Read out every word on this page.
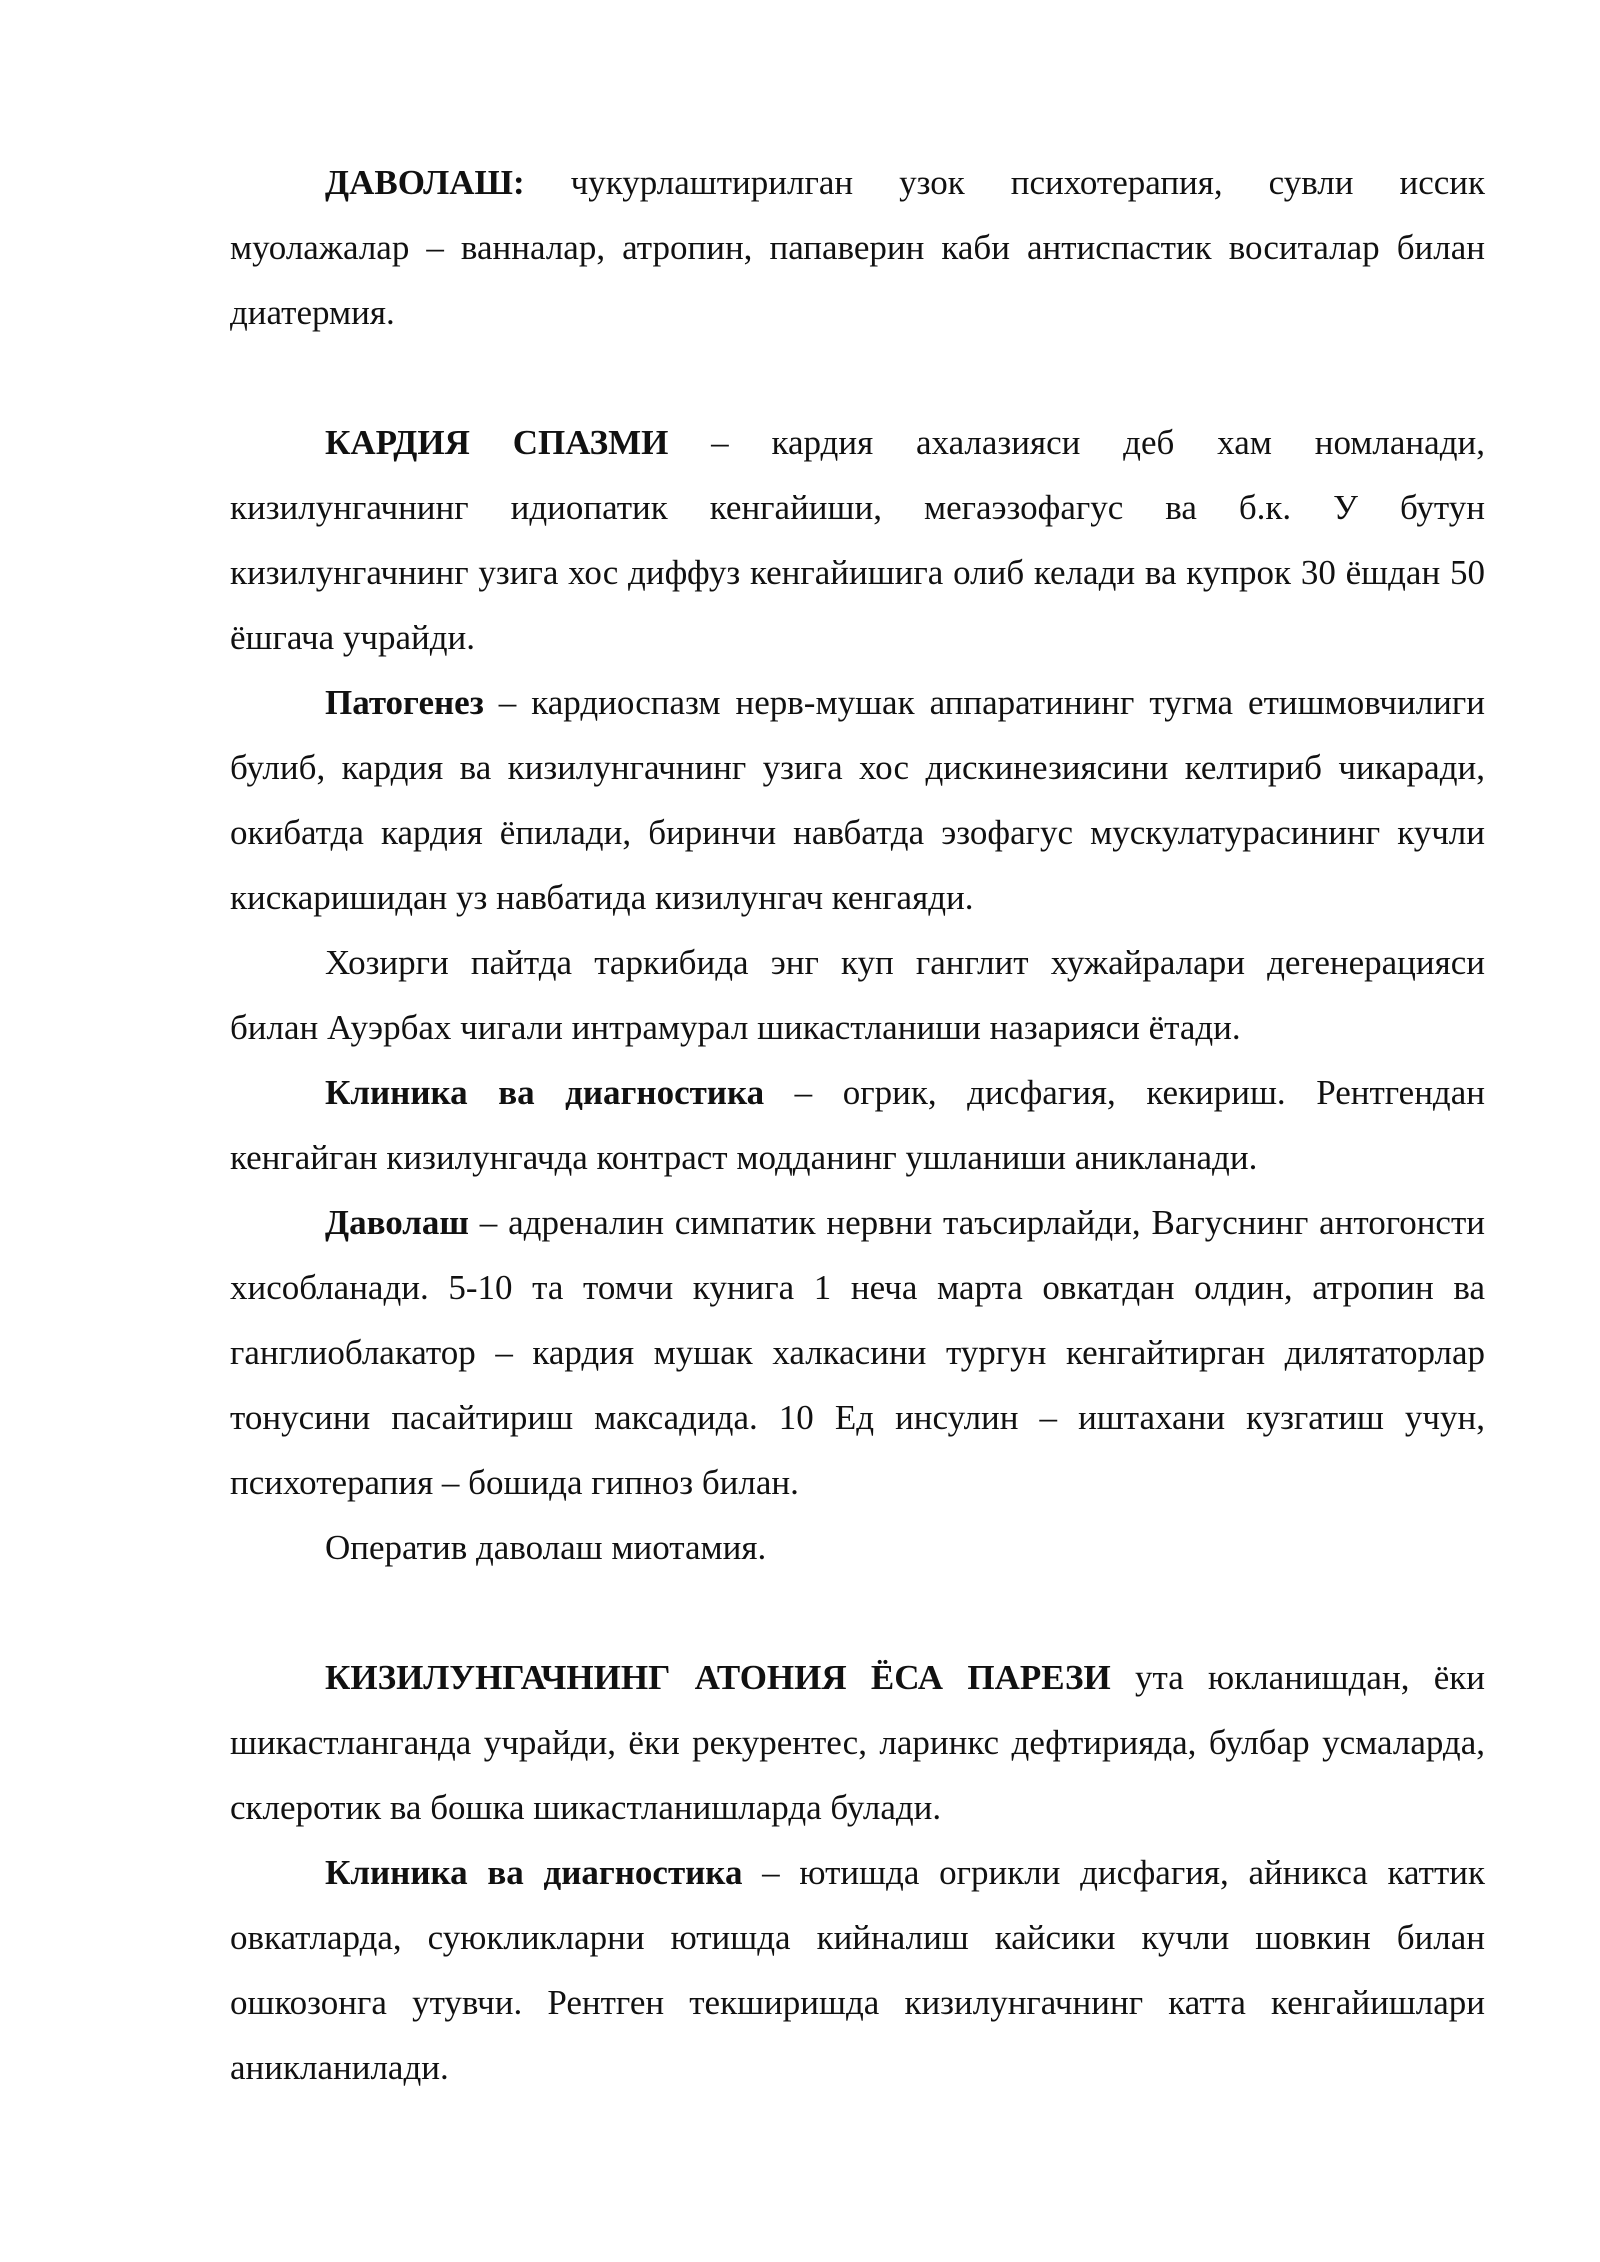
ДАВОЛАШ: чукурлаштирилган узок психотерапия, сувли иссик муолажалар – ванналар, атропин, папаверин каби антиспастик воситалар билан диатермия.

КАРДИЯ СПАЗМИ – кардия ахалазияси деб хам номланади, кизилунгачнинг идиопатик кенгайиши, мегаэзофагус ва б.к. У бутун кизилунгачнинг узига хос диффуз кенгайишига олиб келади ва купрок 30 ёшдан 50 ёшгача учрайди.

Патогенез – кардиоспазм нерв-мушак аппаратининг тугма етишмовчилиги булиб, кардия ва кизилунгачнинг узига хос дискинезиясини келтириб чикаради, окибатда кардия ёпилади, биринчи навбатда эзофагус мускулатурасининг кучли кискаришидан уз навбатида кизилунгач кенгаяди.

Хозирги пайтда таркибида энг куп ганглит хужайралари дегенерацияси билан Ауэрбах чигали интрамурал шикастланиши назарияси ётади.

Клиника ва диагностика – огрик, дисфагия, кекириш. Рентгендан кенгайган кизилунгачда контраст модданинг ушланиши аникланади.

Даволаш – адреналин симпатик нервни таъсирлайди, Вагуснинг антогонсти хисобланади. 5-10 та томчи кунига 1 неча марта овкатдан олдин, атропин ва ганглиоблакатор – кардия мушак халкасини тургун кенгайтирган дилятаторлар тонусини пасайтириш максадида. 10 Ед инсулин – иштахани кузгатиш учун, психотерапия – бошида гипноз билан.

Оператив даволаш миотамия.

КИЗИЛУНГАЧНИНГ АТОНИЯ ЁСА ПАРЕЗИ ута юкланишдан, ёки шикастланганда учрайди, ёки рекурентес, ларинкс дефтирияда, булбар усмаларда, склеротик ва бошка шикастланишларда булади.

Клиника ва диагностика – ютишда огрикли дисфагия, айникса каттик овкатларда, суюкликларни ютишда кийналиш кайсики кучли шовкин билан ошкозонга утувчи. Рентген текширишда кизилунгачнинг катта кенгайишлари аникланилади.
